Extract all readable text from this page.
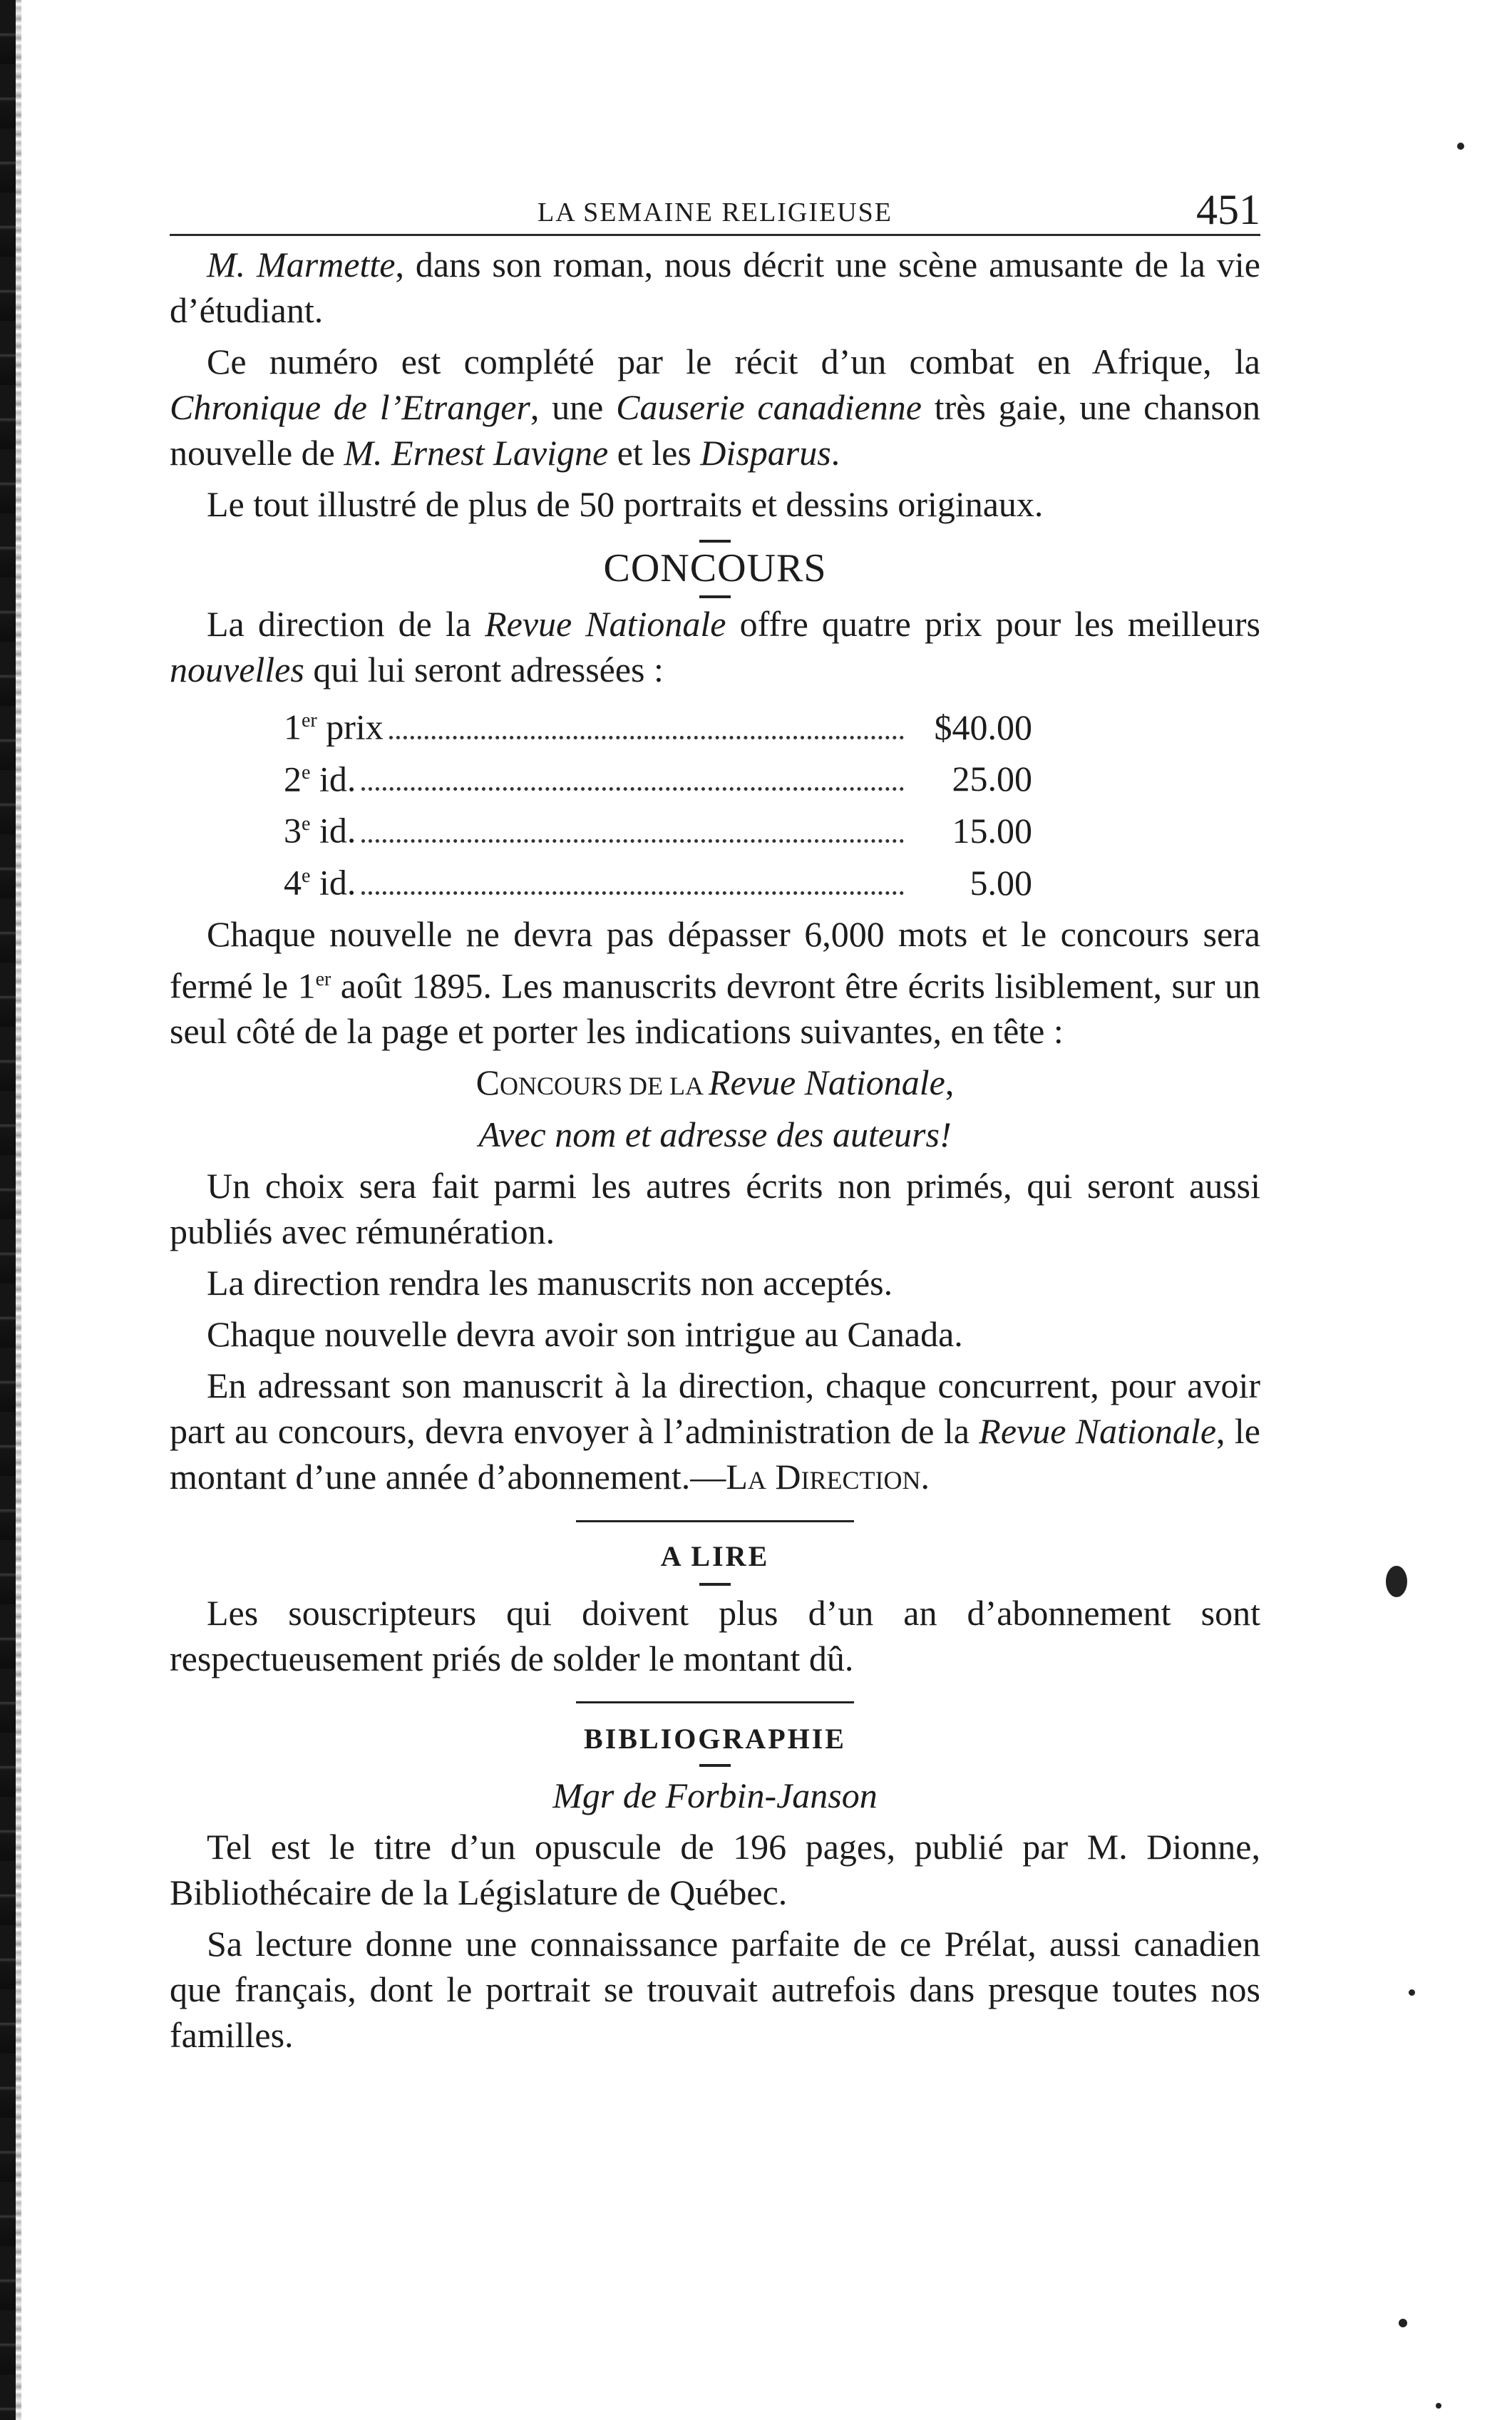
LA SEMAINE RELIGIEUSE	451

M. Marmette, dans son roman, nous décrit une scène amusante de la vie d’étudiant.

Ce numéro est complété par le récit d’un combat en Afrique, la Chronique de l’Etranger, une Causerie canadienne très gaie, une chanson nouvelle de M. Ernest Lavigne et les Disparus.

Le tout illustré de plus de 50 portraits et dessins originaux.

CONCOURS

La direction de la Revue Nationale offre quatre prix pour les meilleurs nouvelles qui lui seront adressées :

1er prix	$40.00
2e id.	25.00
3e id.	15.00
4e id.	5.00

Chaque nouvelle ne devra pas dépasser 6,000 mots et le concours sera fermé le 1er août 1895. Les manuscrits devront être écrits lisiblement, sur un seul côté de la page et porter les indications suivantes, en tête :

CONCOURS DE LA Revue Nationale,

Avec nom et adresse des auteurs!

Un choix sera fait parmi les autres écrits non primés, qui seront aussi publiés avec rémunération.

La direction rendra les manuscrits non acceptés.

Chaque nouvelle devra avoir son intrigue au Canada.

En adressant son manuscrit à la direction, chaque concurrent, pour avoir part au concours, devra envoyer à l’administration de la Revue Nationale, le montant d’une année d’abonnement.—LA DIRECTION.

A LIRE

Les souscripteurs qui doivent plus d’un an d’abonnement sont respectueusement priés de solder le montant dû.

BIBLIOGRAPHIE

Mgr de Forbin-Janson

Tel est le titre d’un opuscule de 196 pages, publié par M. Dionne, Bibliothécaire de la Législature de Québec.

Sa lecture donne une connaissance parfaite de ce Prélat, aussi canadien que français, dont le portrait se trouvait autrefois dans presque toutes nos familles.
